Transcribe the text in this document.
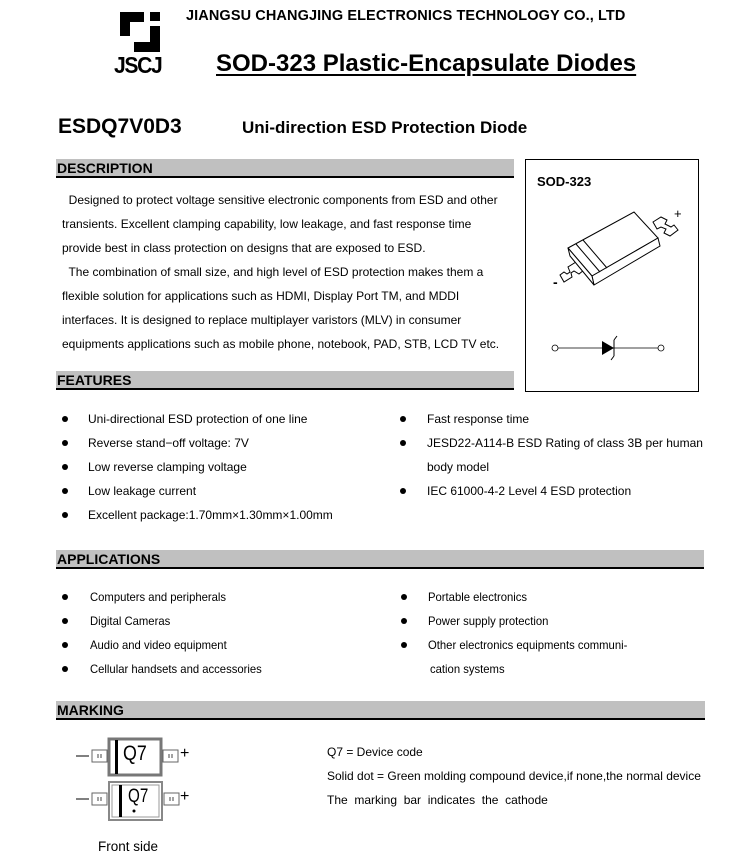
JSCJ
JIANGSU CHANGJING ELECTRONICS TECHNOLOGY CO., LTD
SOD-323 Plastic-Encapsulate Diodes
ESDQ7V0D3	Uni-direction ESD Protection Diode
DESCRIPTION
Designed to protect voltage sensitive electronic components from ESD and other
transients. Excellent clamping capability, low leakage, and fast response time
provide best in class protection on designs that are exposed to ESD.
The combination of small size, and high level of ESD protection makes them a
flexible solution for applications such as HDMI, Display Port TM, and MDDI
interfaces. It is designed to replace multiplayer varistors (MLV) in consumer
equipments applications such as mobile phone, notebook, PAD, STB, LCD TV etc.
SOD-323
+
-
FEATURES
Uni-directional ESD protection of one line
Reverse stand−off voltage: 7V
Low reverse clamping voltage
Low leakage current
Excellent package:1.70mm×1.30mm×1.00mm
Fast response time
JESD22-A114-B ESD Rating of class 3B per human
body model
IEC 61000-4-2 Level 4 ESD protection
APPLICATIONS
Computers and peripherals
Digital Cameras
Audio and video equipment
Cellular handsets and accessories
Portable electronics
Power supply protection
Other electronics equipments communi-
cation systems
MARKING
Q7 +
Q7 +
Front side
Q7 = Device code
Solid dot = Green molding compound device,if none,the normal device
The  marking  bar  indicates  the  cathode
